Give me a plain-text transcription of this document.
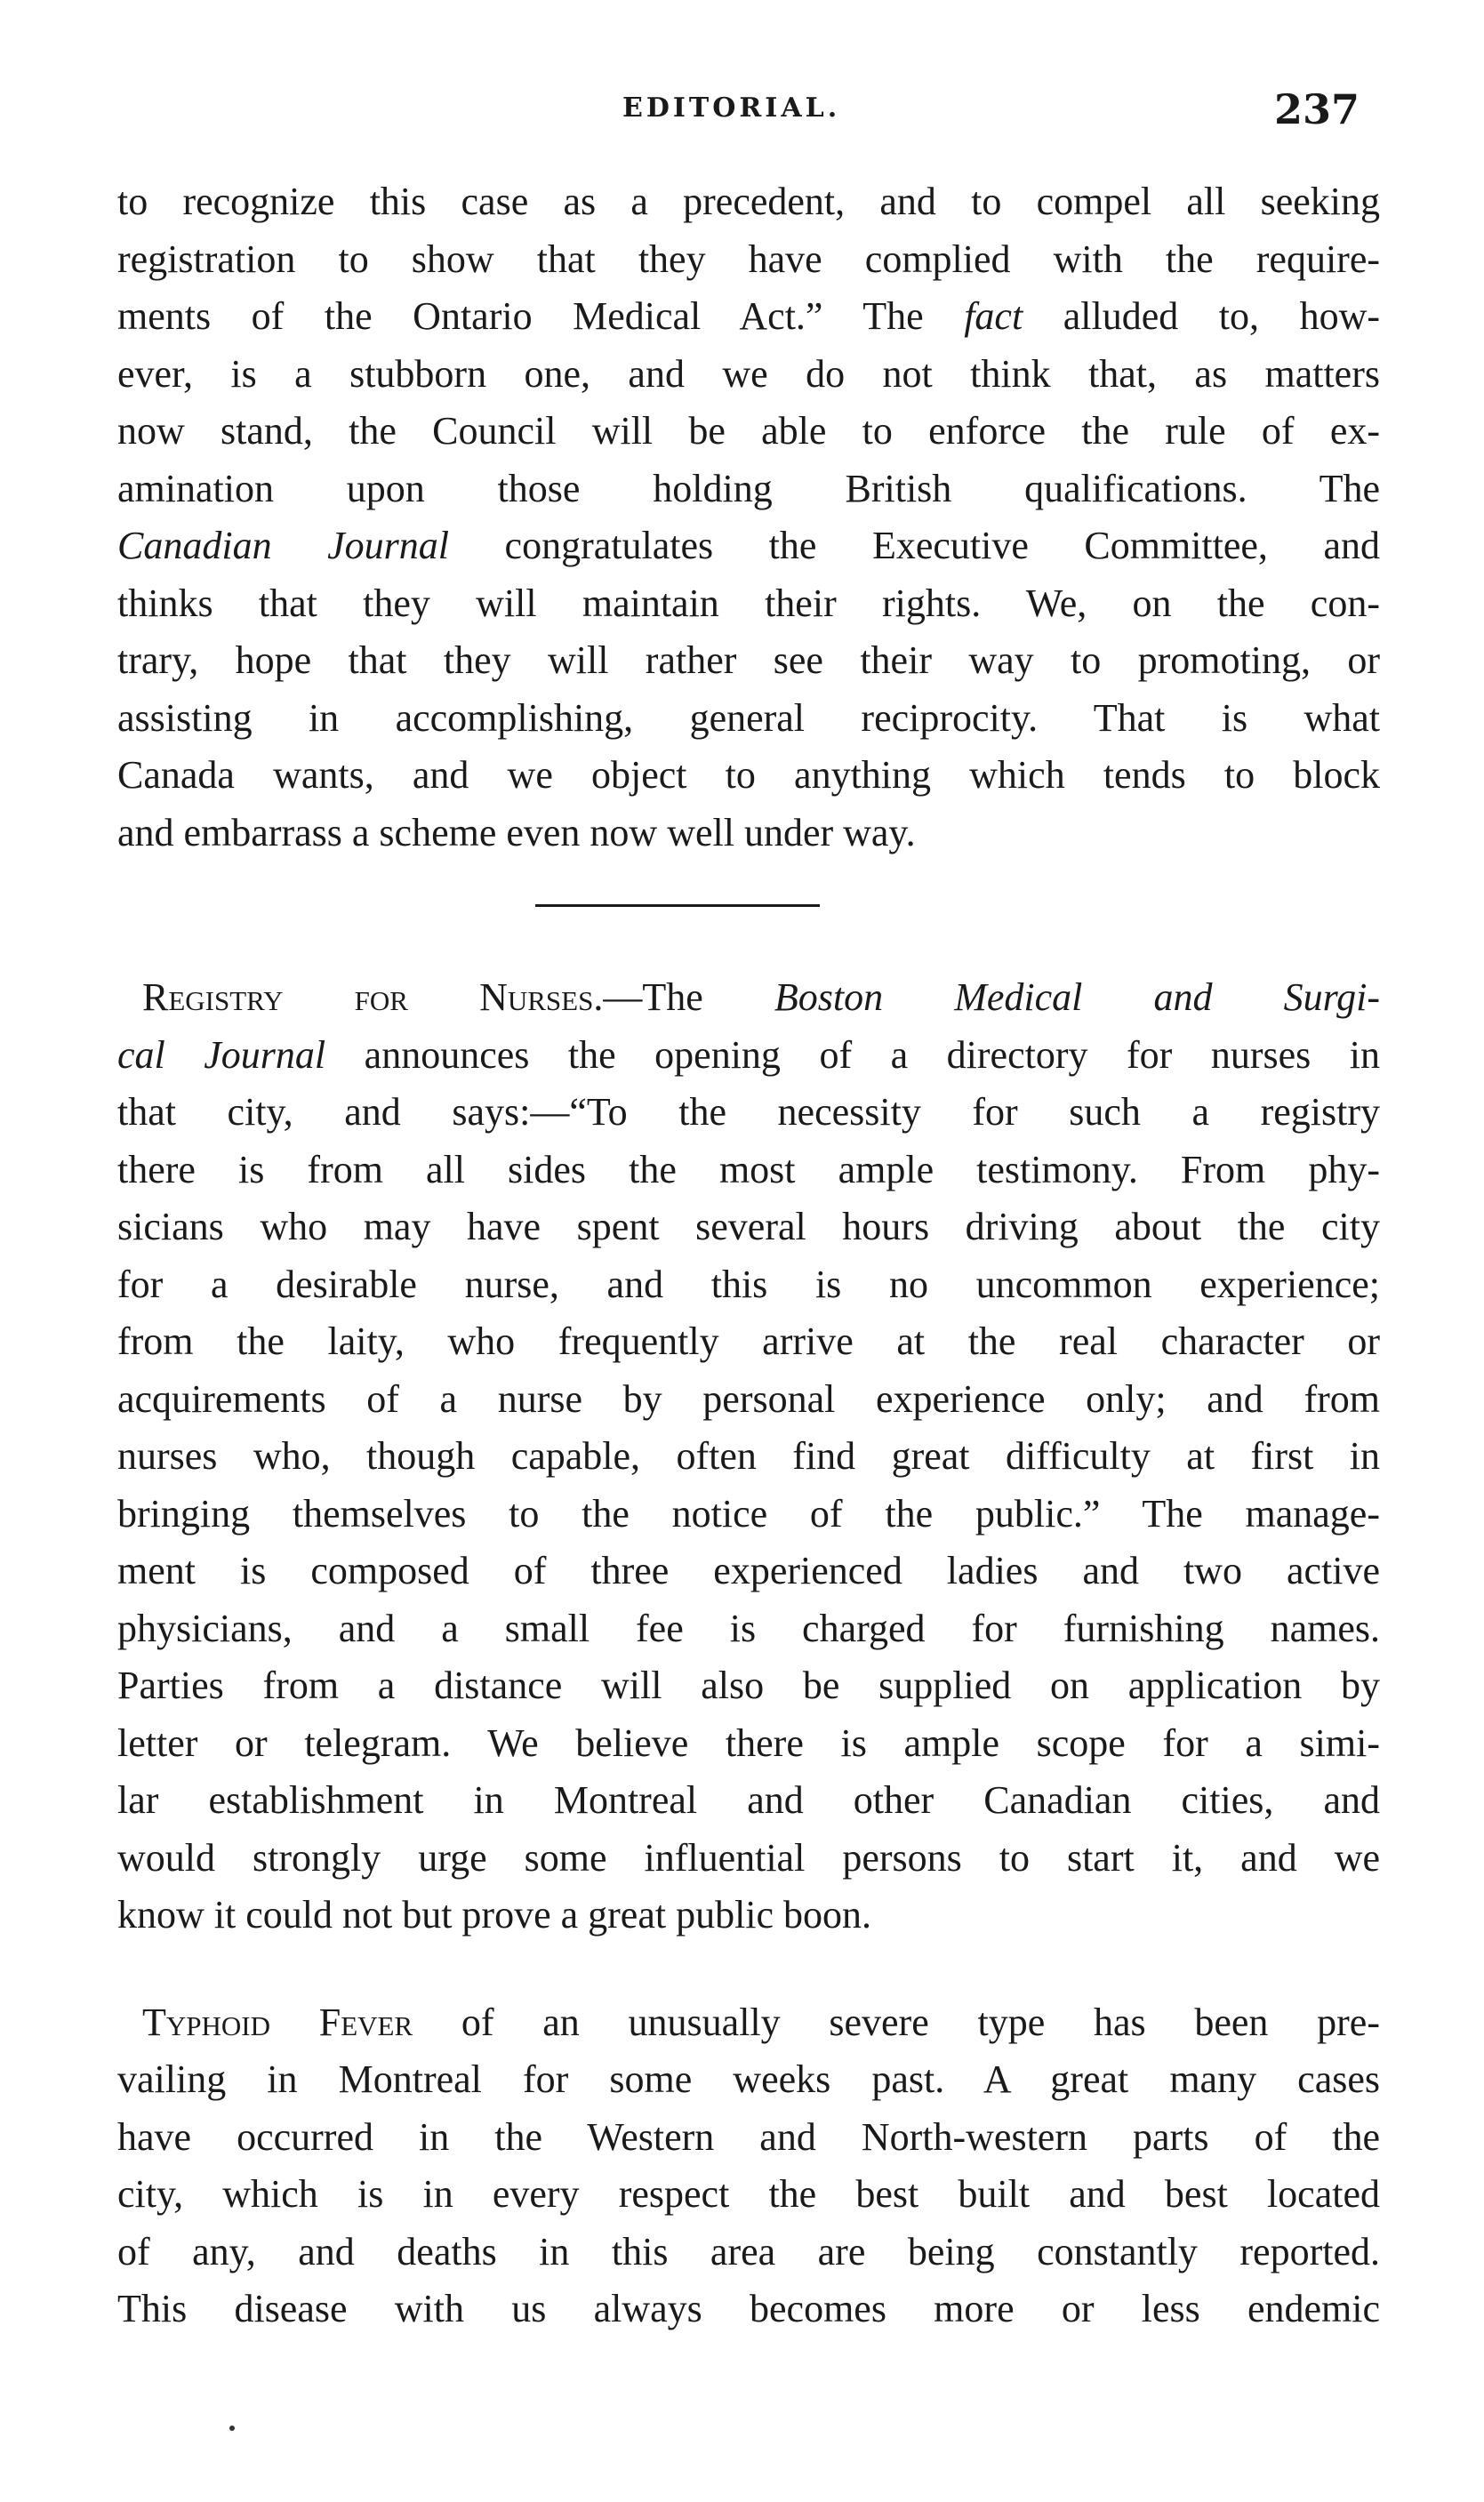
EDITORIAL.	237
to recognize this case as a precedent, and to compel all seeking
registration to show that they have complied with the require-
ments of the Ontario Medical Act.” The fact alluded to, how-
ever, is a stubborn one, and we do not think that, as matters
now stand, the Council will be able to enforce the rule of ex-
amination upon those holding British qualifications. The
Canadian Journal congratulates the Executive Committee, and
thinks that they will maintain their rights. We, on the con-
trary, hope that they will rather see their way to promoting, or
assisting in accomplishing, general reciprocity. That is what
Canada wants, and we object to anything which tends to block
and embarrass a scheme even now well under way.
Registry for Nurses.—The Boston Medical and Surgi-
cal Journal announces the opening of a directory for nurses in
that city, and says:—“To the necessity for such a registry
there is from all sides the most ample testimony. From phy-
sicians who may have spent several hours driving about the city
for a desirable nurse, and this is no uncommon experience;
from the laity, who frequently arrive at the real character or
acquirements of a nurse by personal experience only; and from
nurses who, though capable, often find great difficulty at first in
bringing themselves to the notice of the public.” The manage-
ment is composed of three experienced ladies and two active
physicians, and a small fee is charged for furnishing names.
Parties from a distance will also be supplied on application by
letter or telegram. We believe there is ample scope for a simi-
lar establishment in Montreal and other Canadian cities, and
would strongly urge some influential persons to start it, and we
know it could not but prove a great public boon.
Typhoid Fever of an unusually severe type has been pre-
vailing in Montreal for some weeks past. A great many cases
have occurred in the Western and North-western parts of the
city, which is in every respect the best built and best located
of any, and deaths in this area are being constantly reported.
This disease with us always becomes more or less endemic
